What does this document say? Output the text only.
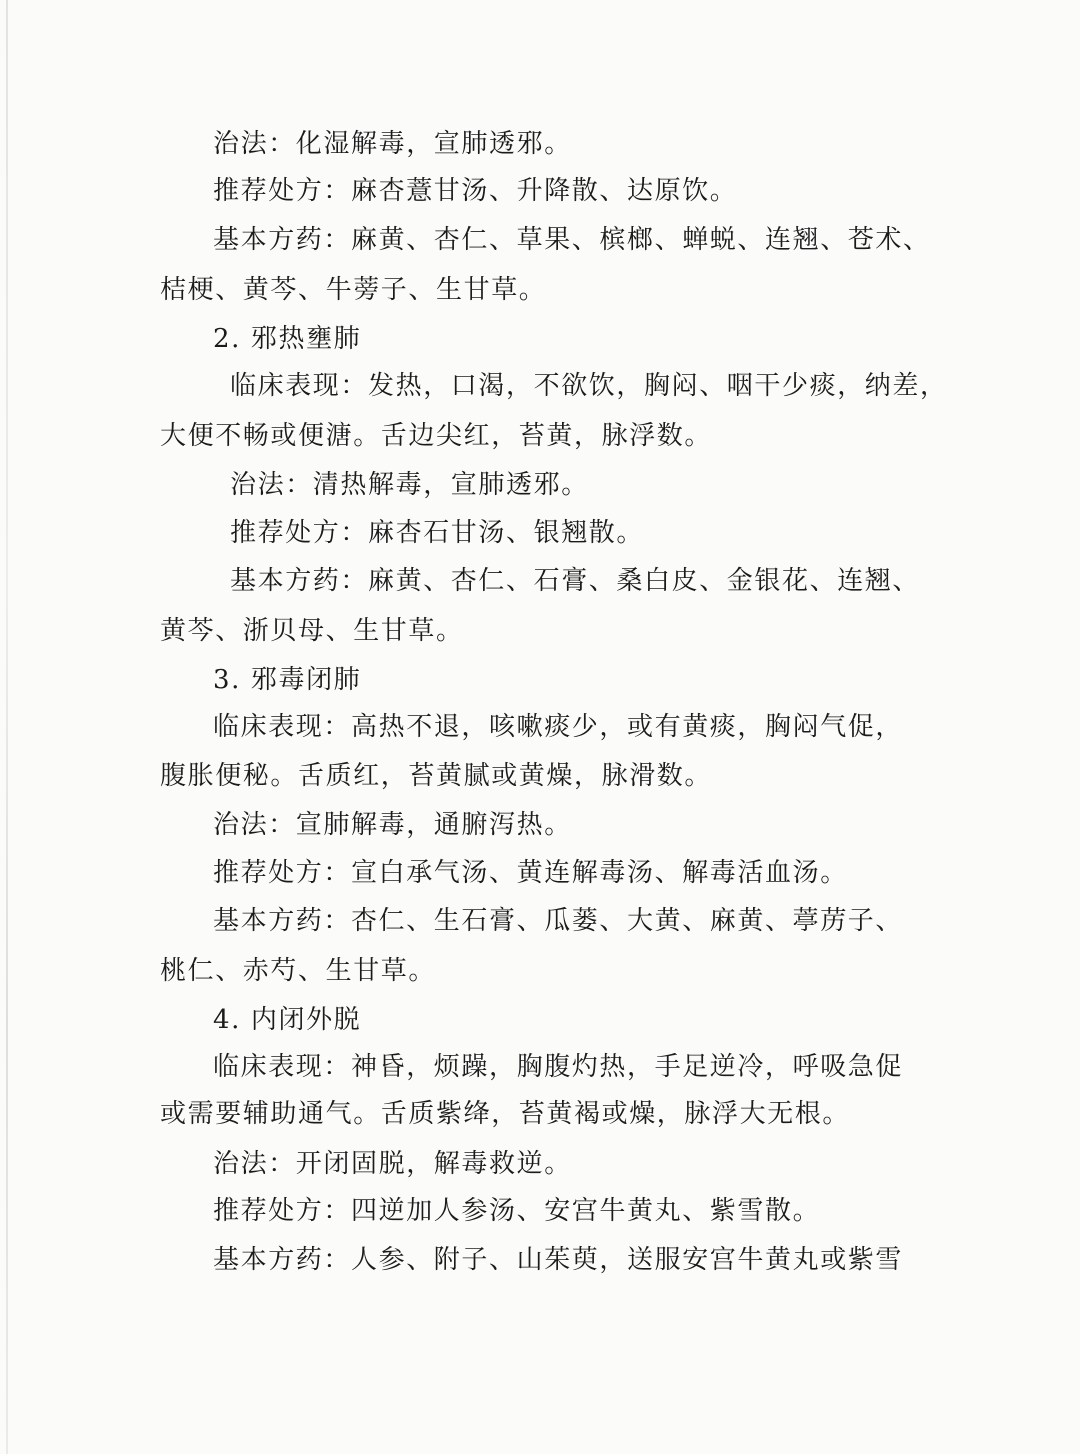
治法：化湿解毒，宣肺透邪。
推荐处方：麻杏薏甘汤、升降散、达原饮。
基本方药：麻黄、杏仁、草果、槟榔、蝉蜕、连翘、苍术、
桔梗、黄芩、牛蒡子、生甘草。
2. 邪热壅肺
临床表现：发热，口渴，不欲饮，胸闷、咽干少痰，纳差，
大便不畅或便溏。舌边尖红，苔黄，脉浮数。
治法：清热解毒，宣肺透邪。
推荐处方：麻杏石甘汤、银翘散。
基本方药：麻黄、杏仁、石膏、桑白皮、金银花、连翘、
黄芩、浙贝母、生甘草。
3. 邪毒闭肺
临床表现：高热不退，咳嗽痰少，或有黄痰，胸闷气促，
腹胀便秘。舌质红，苔黄腻或黄燥，脉滑数。
治法：宣肺解毒，通腑泻热。
推荐处方：宣白承气汤、黄连解毒汤、解毒活血汤。
基本方药：杏仁、生石膏、瓜蒌、大黄、麻黄、葶苈子、
桃仁、赤芍、生甘草。
4. 内闭外脱
临床表现：神昏，烦躁，胸腹灼热，手足逆冷，呼吸急促
或需要辅助通气。舌质紫绛，苔黄褐或燥，脉浮大无根。
治法：开闭固脱，解毒救逆。
推荐处方：四逆加人参汤、安宫牛黄丸、紫雪散。
基本方药：人参、附子、山茱萸，送服安宫牛黄丸或紫雪
